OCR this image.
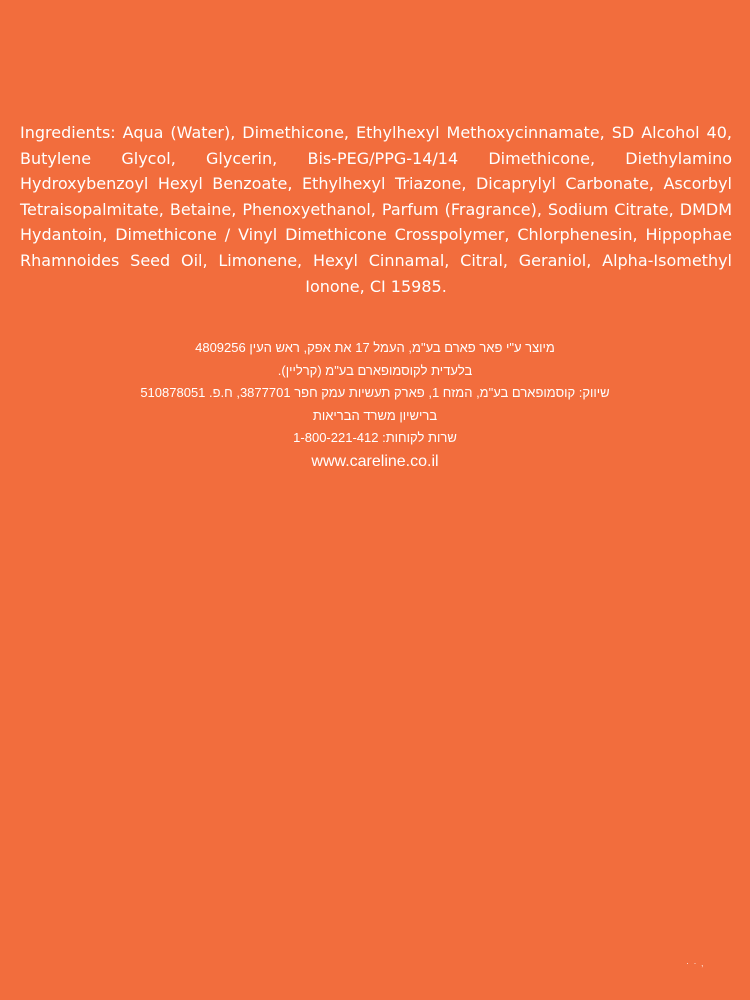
Ingredients: Aqua (Water), Dimethicone, Ethylhexyl Methoxycinnamate, SD Alcohol 40, Butylene Glycol, Glycerin, Bis-PEG/PPG-14/14 Dimethicone, Diethylamino Hydroxybenzoyl Hexyl Benzoate, Ethylhexyl Triazone, Dicaprylyl Carbonate, Ascorbyl Tetraisopalmitate, Betaine, Phenoxyethanol, Parfum (Fragrance), Sodium Citrate, DMDM Hydantoin, Dimethicone / Vinyl Dimethicone Crosspolymer, Chlorphenesin, Hippophae Rhamnoides Seed Oil, Limonene, Hexyl Cinnamal, Citral, Geraniol, Alpha-Isomethyl Ionone, CI 15985.

מיוצר ע"י פאר פארם בע"מ, העמל 17 את אפק, ראש העין 4809256
בלעדית לקוסמופארם בע"מ (קרליין).
שיווק: קוסמופארם בע"מ, המזח 1, פארק תעשיות עמק חפר 3877701, ח.פ. 510878051
ברישיון משרד הבריאות
שרות לקוחות: 1-800-221-412
www.careline.co.il
· · ,
